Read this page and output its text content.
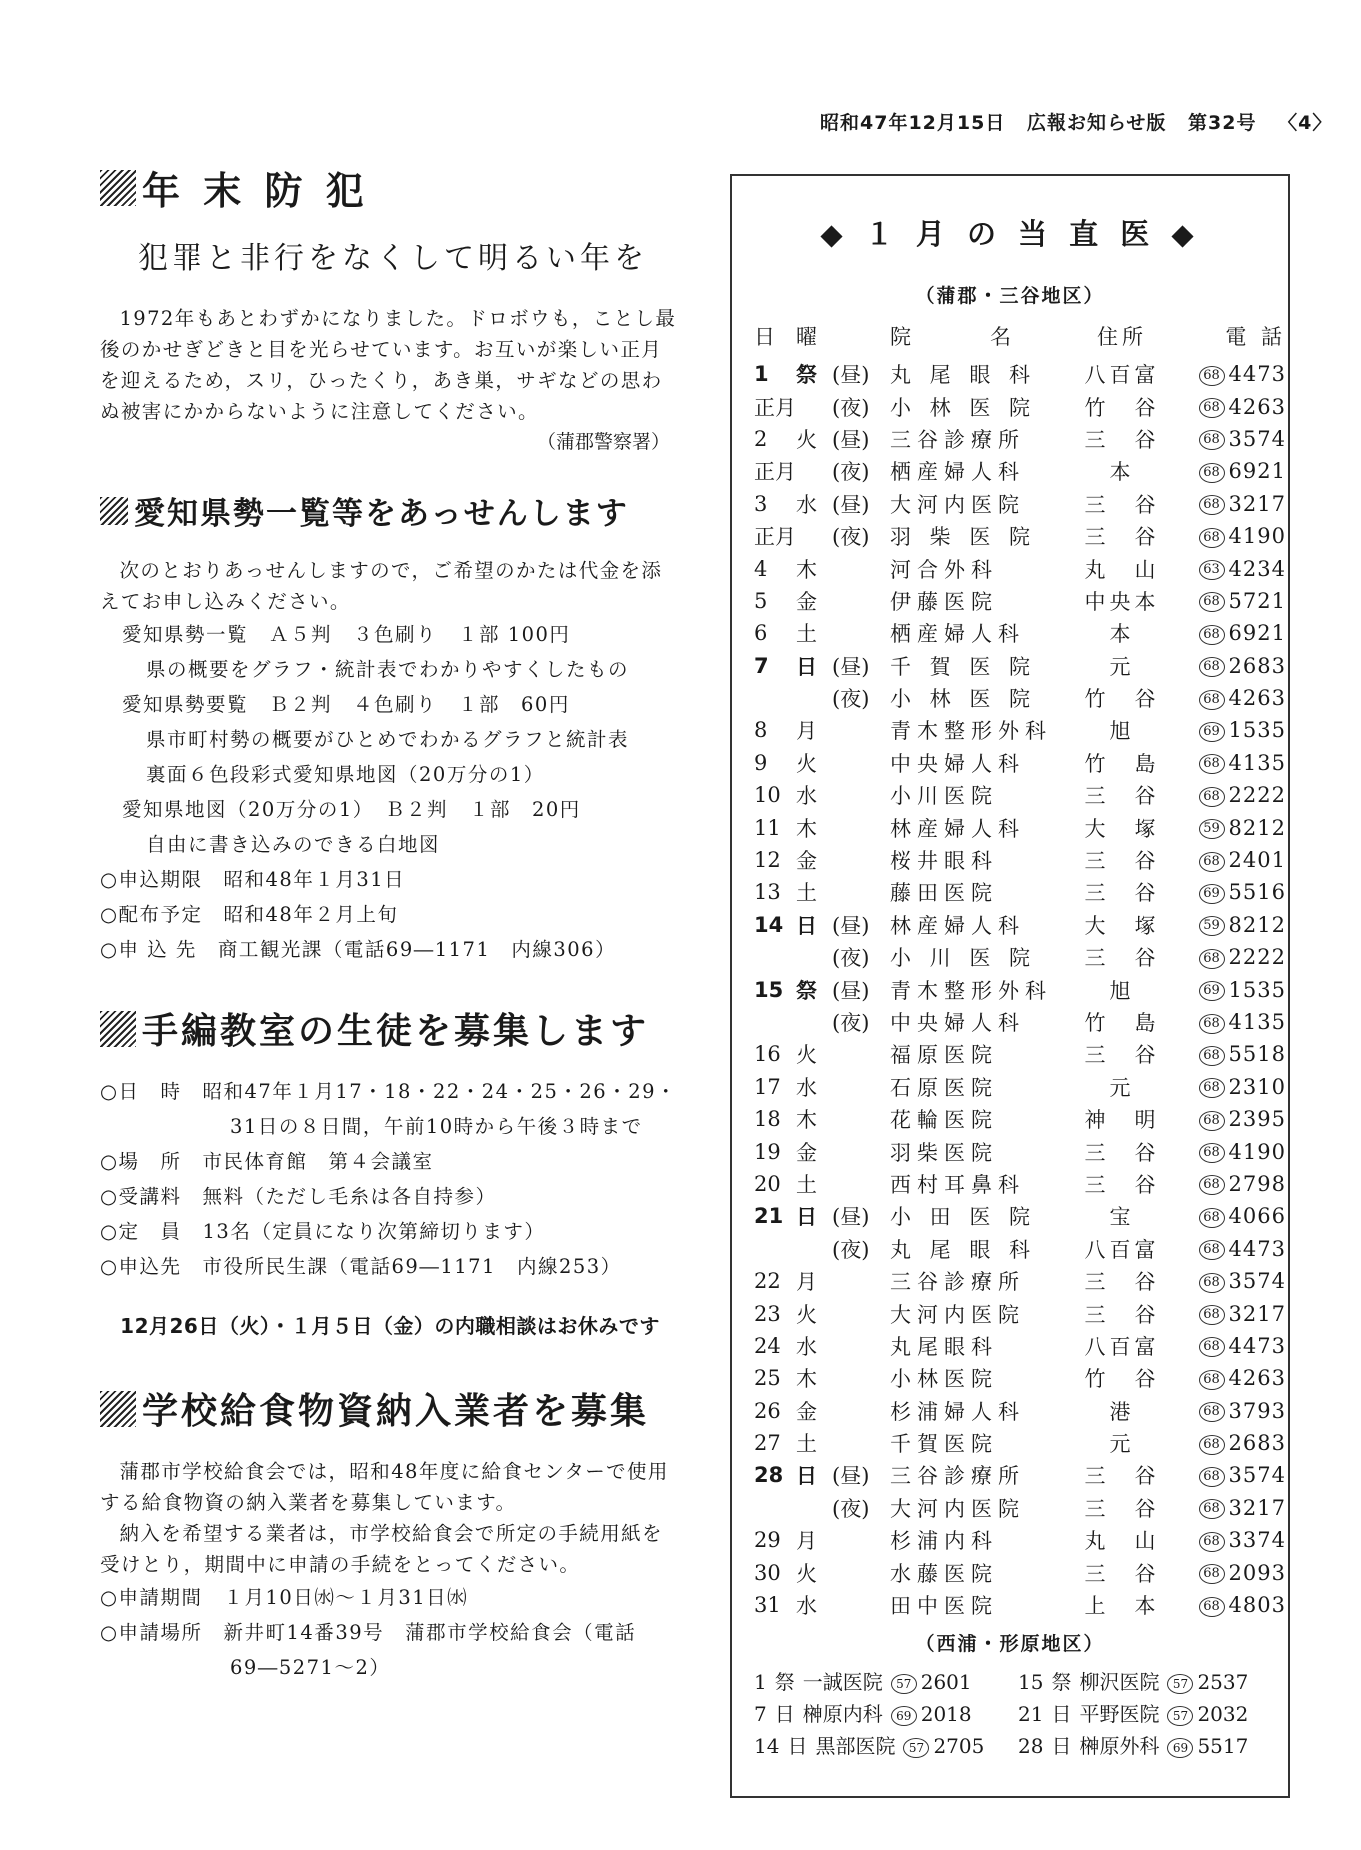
昭和47年12月15日 広報お知らせ版 第32号 〈4〉
年 末 防 犯
犯罪と非行をなくして明るい年を

1972年もあとわずかになりました。ドロボウも，ことし最後のかせぎどきと目を光らせています。お互いが楽しい正月を迎えるため，スリ，ひったくり，あき巣，サギなどの思わぬ被害にかからないように注意してください。

（蒲郡警察署）

愛知県勢一覧等をあっせんします

次のとおりあっせんしますので，ご希望のかたは代金を添えてお申し込みください。

愛知県勢一覧　Ａ５判　３色刷り　１部 100円
県の概要をグラフ・統計表でわかりやすくしたもの
愛知県勢要覧　Ｂ２判　４色刷り　１部　60円
県市町村勢の概要がひとめでわかるグラフと統計表
裏面６色段彩式愛知県地図（20万分の1）
愛知県地図（20万分の1）　Ｂ２判　１部　20円
自由に書き込みのできる白地図
○申込期限　昭和48年１月31日
○配布予定　昭和48年２月上旬
○申 込 先　商工観光課（電話69―1171　内線306）
手編教室の生徒を募集します
○日　時　昭和47年１月17・18・22・24・25・26・29・
31日の８日間，午前10時から午後３時まで
○場　所　市民体育館　第４会議室
○受講料　無料（ただし毛糸は各自持参）
○定　員　13名（定員になり次第締切ります）
○申込先　市役所民生課（電話69―1171　内線253）
12月26日（火）・１月５日（金）の内職相談はお休みです
学校給食物資納入業者を募集

蒲郡市学校給食会では，昭和48年度に給食センターで使用する給食物資の納入業者を募集しています。

納入を希望する業者は，市学校給食会で所定の手続用紙を受けとり，期間中に申請の手続をとってください。

○申請期間　１月10日㈬～１月31日㈬
○申請場所　新井町14番39号　蒲郡市学校給食会（電話
69―5271～2）
◆ １ 月 の 当 直 医 ◆
（蒲郡・三谷地区）
日	曜		院　　　名	住所	電 話
1	祭	(昼)	丸 尾 眼 科	八百富	68 4473
正月		(夜)	小 林 医 院	竹　谷	68 4263
2	火	(昼)	三谷診療所	三　谷	68 3574
正月		(夜)	栖産婦人科	本	68 6921
3	水	(昼)	大河内医院	三　谷	68 3217
正月		(夜)	羽 柴 医 院	三　谷	68 4190
4	木		河合外科	丸　山	63 4234
5	金		伊藤医院	中央本	68 5721
6	土		栖産婦人科	本	68 6921
7	日	(昼)	千 賀 医 院	元	68 2683
		(夜)	小 林 医 院	竹　谷	68 4263
8	月		青木整形外科	旭	69 1535
9	火		中央婦人科	竹　島	68 4135
10	水		小川医院	三　谷	68 2222
11	木		林産婦人科	大　塚	59 8212
12	金		桜井眼科	三　谷	68 2401
13	土		藤田医院	三　谷	69 5516
14	日	(昼)	林産婦人科	大　塚	59 8212
		(夜)	小 川 医 院	三　谷	68 2222
15	祭	(昼)	青木整形外科	旭	69 1535
		(夜)	中央婦人科	竹　島	68 4135
16	火		福原医院	三　谷	68 5518
17	水		石原医院	元	68 2310
18	木		花輪医院	神　明	68 2395
19	金		羽柴医院	三　谷	68 4190
20	土		西村耳鼻科	三　谷	68 2798
21	日	(昼)	小 田 医 院	宝	68 4066
		(夜)	丸 尾 眼 科	八百富	68 4473
22	月		三谷診療所	三　谷	68 3574
23	火		大河内医院	三　谷	68 3217
24	水		丸尾眼科	八百富	68 4473
25	木		小林医院	竹　谷	68 4263
26	金		杉浦婦人科	港	68 3793
27	土		千賀医院	元	68 2683
28	日	(昼)	三谷診療所	三　谷	68 3574
		(夜)	大河内医院	三　谷	68 3217
29	月		杉浦内科	丸　山	68 3374
30	火		水藤医院	三　谷	68 2093
31	水		田中医院	上　本	68 4803
（西浦・形原地区）
1 祭 一誠医院 57 2601	15 祭 柳沢医院 57 2537
7 日 榊原内科 69 2018	21 日 平野医院 57 2032
14 日 黒部医院 57 2705	28 日 榊原外科 69 5517
